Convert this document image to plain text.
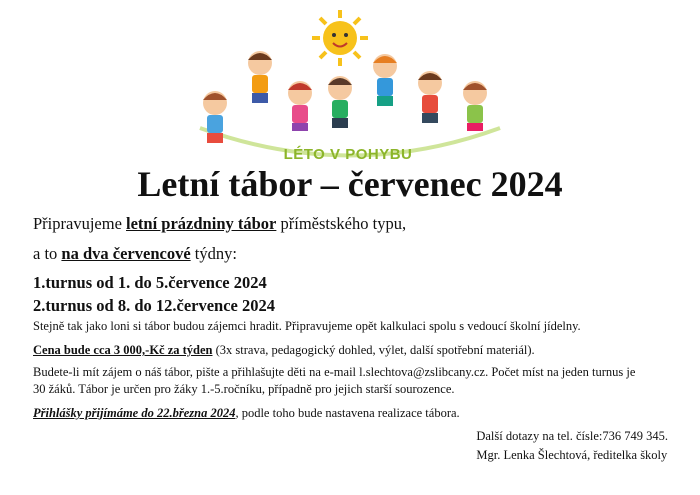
LÉTO V POHYBU
Letní tábor – červenec 2024
Připravujeme letní prázdniny tábor příměstského typu,
a to na dva červencové týdny:
1.turnus od 1. do 5.července 2024
2.turnus od 8. do 12.července 2024
Stejně tak jako loni si tábor budou zájemci hradit. Připravujeme opět kalkulaci spolu s vedoucí školní jídelny.
Cena bude cca 3 000,-Kč za týden (3x strava, pedagogický dohled, výlet, další spotřební materiál).
Budete-li mít zájem o náš tábor, pište a přihlašujte děti na e-mail l.slechtova@zslibcany.cz. Počet míst na jeden turnus je
30 žáků. Tábor je určen pro žáky 1.-5.ročníku, případně pro jejich starší sourozence.
Přihlášky přijímáme do 22.března 2024, podle toho bude nastavena realizace tábora.
Další dotazy na tel. čísle:736 749 345.
Mgr. Lenka Šlechtová, ředitelka školy
